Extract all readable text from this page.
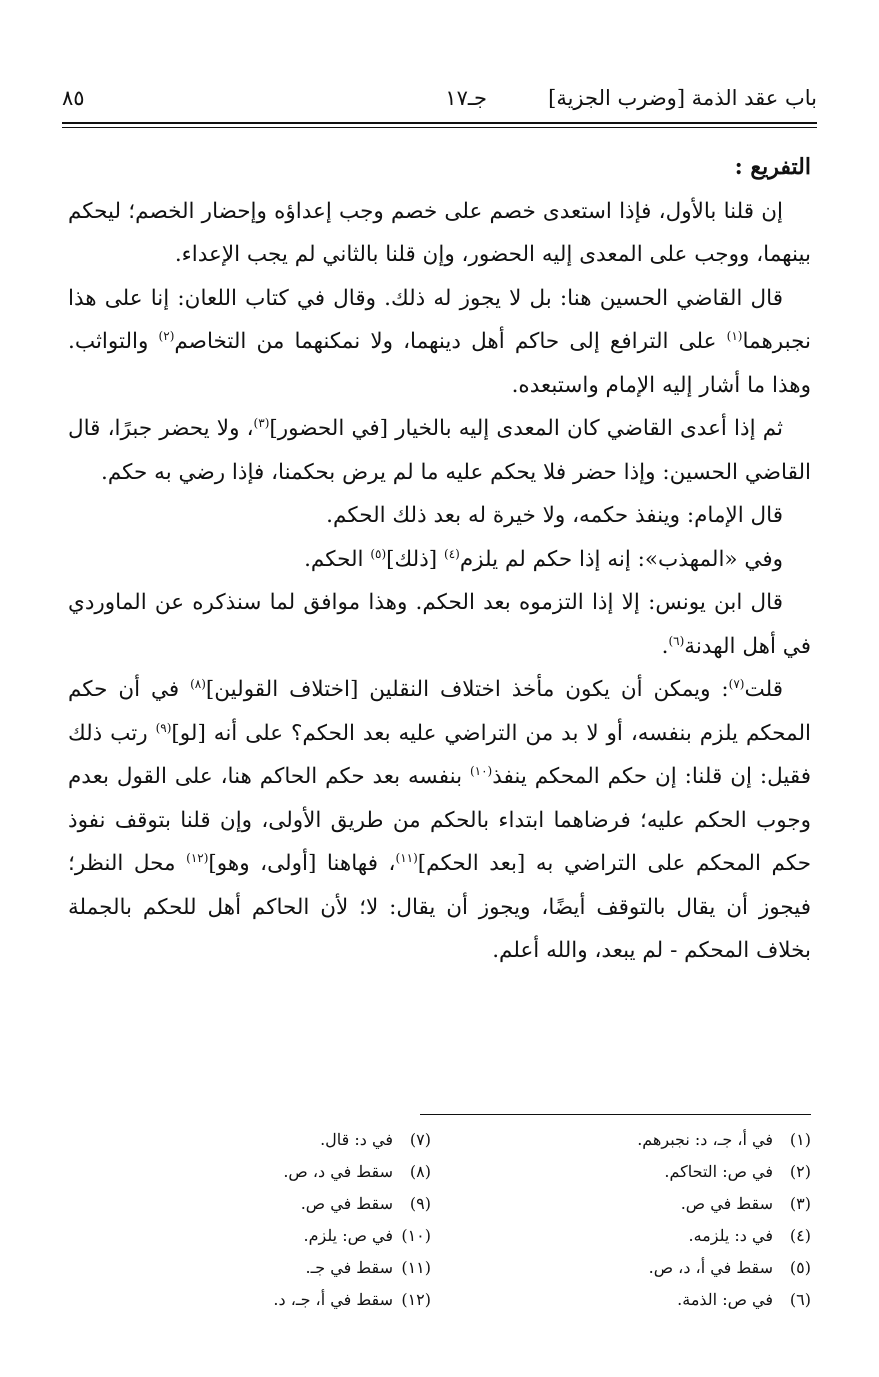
باب عقد الذمة [وضرب الجزية]
جـ١٧
٨٥

التفريع :

إن قلنا بالأول، فإذا استعدى خصم على خصم وجب إعداؤه وإحضار الخصم؛ ليحكم بينهما، ووجب على المعدى إليه الحضور، وإن قلنا بالثاني لم يجب الإعداء.

قال القاضي الحسين هنا: بل لا يجوز له ذلك. وقال في كتاب اللعان: إنا على هذا نجبرهما$^{(١)}$ على الترافع إلى حاكم أهل دينهما، ولا نمكنهما من التخاصم$^{(٢)}$ والتواثب. وهذا ما أشار إليه الإمام واستبعده.

ثم إذا أعدى القاضي كان المعدى إليه بالخيار [في الحضور]$^{(٣)}$، ولا يحضر جبرًا، قال القاضي الحسين: وإذا حضر فلا يحكم عليه ما لم يرض بحكمنا، فإذا رضي به حكم.

قال الإمام: وينفذ حكمه، ولا خيرة له بعد ذلك الحكم.

وفي «المهذب»: إنه إذا حكم لم يلزم$^{(٤)}$ [ذلك]$^{(٥)}$ الحكم.

قال ابن يونس: إلا إذا التزموه بعد الحكم. وهذا موافق لما سنذكره عن الماوردي في أهل الهدنة$^{(٦)}$.

قلت$^{(٧)}$: ويمكن أن يكون مأخذ اختلاف النقلين [اختلاف القولين]$^{(٨)}$ في أن حكم المحكم يلزم بنفسه، أو لا بد من التراضي عليه بعد الحكم؟ على أنه [لو]$^{(٩)}$ رتب ذلك فقيل: إن قلنا: إن حكم المحكم ينفذ$^{(١٠)}$ بنفسه بعد حكم الحاكم هنا، على القول بعدم وجوب الحكم عليه؛ فرضاهما ابتداء بالحكم من طريق الأولى، وإن قلنا بتوقف نفوذ حكم المحكم على التراضي به [بعد الحكم]$^{(١١)}$، فهاهنا [أولى، وهو]$^{(١٢)}$ محل النظر؛ فيجوز أن يقال بالتوقف أيضًا، ويجوز أن يقال: لا؛ لأن الحاكم أهل للحكم بالجملة بخلاف المحكم - لم يبعد، والله أعلم.

(١)في أ، جـ، د: نجبرهم.
(٢)في ص: التحاكم.
(٣)سقط في ص.
(٤)في د: يلزمه.
(٥)سقط في أ، د، ص.
(٦)في ص: الذمة.
(٧)في د: قال.
(٨)سقط في د، ص.
(٩)سقط في ص.
(١٠)في ص: يلزم.
(١١)سقط في جـ.
(١٢)سقط في أ، جـ، د.
